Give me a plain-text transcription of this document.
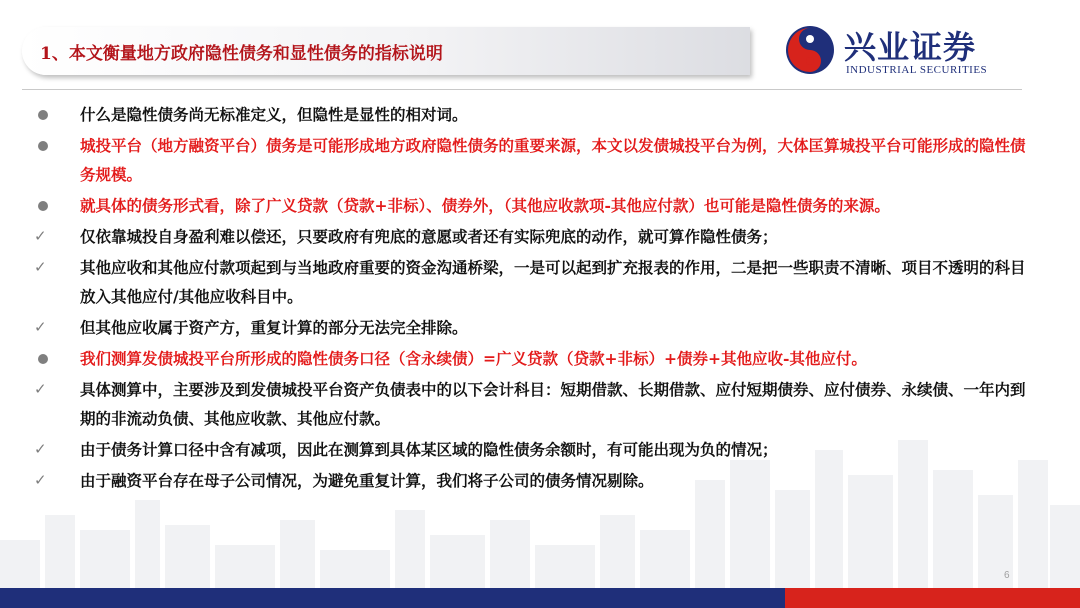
1、本文衡量地方政府隐性债务和显性债务的指标说明	兴业证券
INDUSTRIAL SECURITIES
什么是隐性债务尚无标准定义，但隐性是显性的相对词。
城投平台（地方融资平台）债务是可能形成地方政府隐性债务的重要来源，本文以发债城投平台为例，大体匡算城投平台可能形成的隐性债务规模。
就具体的债务形式看，除了广义贷款（贷款+非标）、债券外，（其他应收款项-其他应付款）也可能是隐性债务的来源。
✓	仅依靠城投自身盈利难以偿还，只要政府有兜底的意愿或者还有实际兜底的动作，就可算作隐性债务；
✓	其他应收和其他应付款项起到与当地政府重要的资金沟通桥梁，一是可以起到扩充报表的作用，二是把一些职责不清晰、项目不透明的科目放入其他应付/其他应收科目中。
✓	但其他应收属于资产方，重复计算的部分无法完全排除。
我们测算发债城投平台所形成的隐性债务口径（含永续债）=广义贷款（贷款+非标）+债券+其他应收-其他应付。
✓	具体测算中，主要涉及到发债城投平台资产负债表中的以下会计科目：短期借款、长期借款、应付短期债券、应付债券、永续债、一年内到期的非流动负债、其他应收款、其他应付款。
✓	由于债务计算口径中含有减项，因此在测算到具体某区域的隐性债务余额时，有可能出现为负的情况；
✓	由于融资平台存在母子公司情况，为避免重复计算，我们将子公司的债务情况剔除。
6
